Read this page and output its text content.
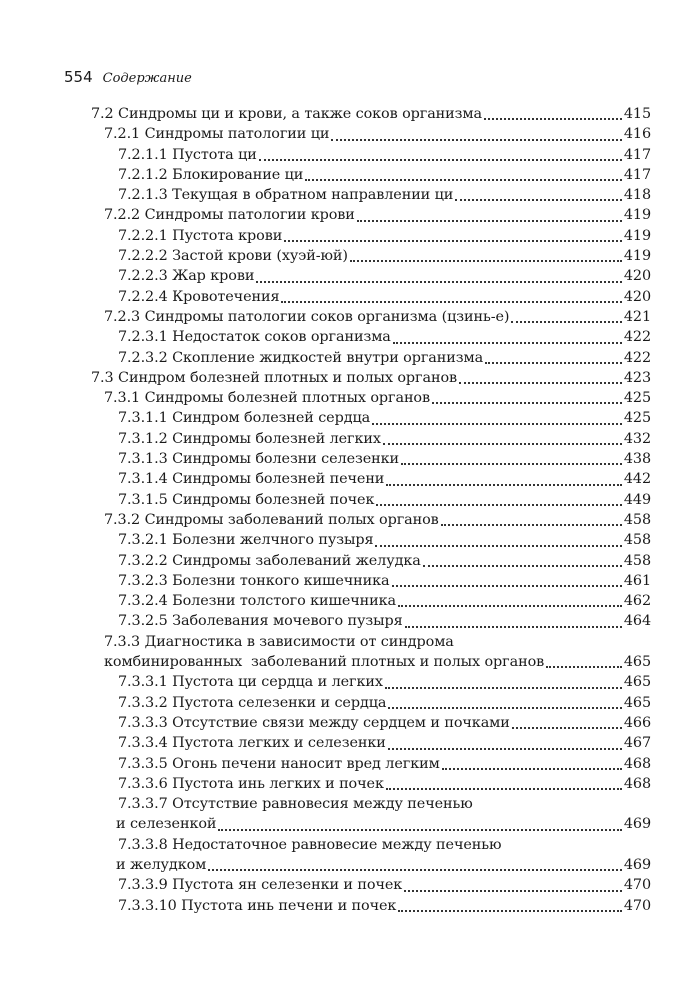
554 Содержание
7.2 Синдромы ци и крови, а также соков организма	415
7.2.1 Синдромы патологии ци	416
7.2.1.1 Пустота ци	417
7.2.1.2 Блокирование ци	417
7.2.1.3 Текущая в обратном направлении ци	418
7.2.2 Синдромы патологии крови	419
7.2.2.1 Пустота крови	419
7.2.2.2 Застой крови (хуэй-юй)	419
7.2.2.3 Жар крови	420
7.2.2.4 Кровотечения	420
7.2.3 Синдромы патологии соков организма (цзинь-е)	421
7.2.3.1 Недостаток соков организма	422
7.2.3.2 Скопление жидкостей внутри организма	422
7.3 Синдром болезней плотных и полых органов	423
7.3.1 Синдромы болезней плотных органов	425
7.3.1.1 Синдром болезней сердца	425
7.3.1.2 Синдромы болезней легких	432
7.3.1.3 Синдромы болезни селезенки	438
7.3.1.4 Синдромы болезней печени	442
7.3.1.5 Синдромы болезней почек	449
7.3.2 Синдромы заболеваний полых органов	458
7.3.2.1 Болезни желчного пузыря	458
7.3.2.2 Синдромы заболеваний желудка	458
7.3.2.3 Болезни тонкого кишечника	461
7.3.2.4 Болезни толстого кишечника	462
7.3.2.5 Заболевания мочевого пузыря	464
7.3.3 Диагностика в зависимости от синдрома
комбинированных  заболеваний плотных и полых органов	465
7.3.3.1 Пустота ци сердца и легких	465
7.3.3.2 Пустота селезенки и сердца	465
7.3.3.3 Отсутствие связи между сердцем и почками	466
7.3.3.4 Пустота легких и селезенки	467
7.3.3.5 Огонь печени наносит вред легким	468
7.3.3.6 Пустота инь легких и почек	468
7.3.3.7 Отсутствие равновесия между печенью
и селезенкой	469
7.3.3.8 Недостаточное равновесие между печенью
и желудком	469
7.3.3.9 Пустота ян селезенки и почек	470
7.3.3.10 Пустота инь печени и почек	470
